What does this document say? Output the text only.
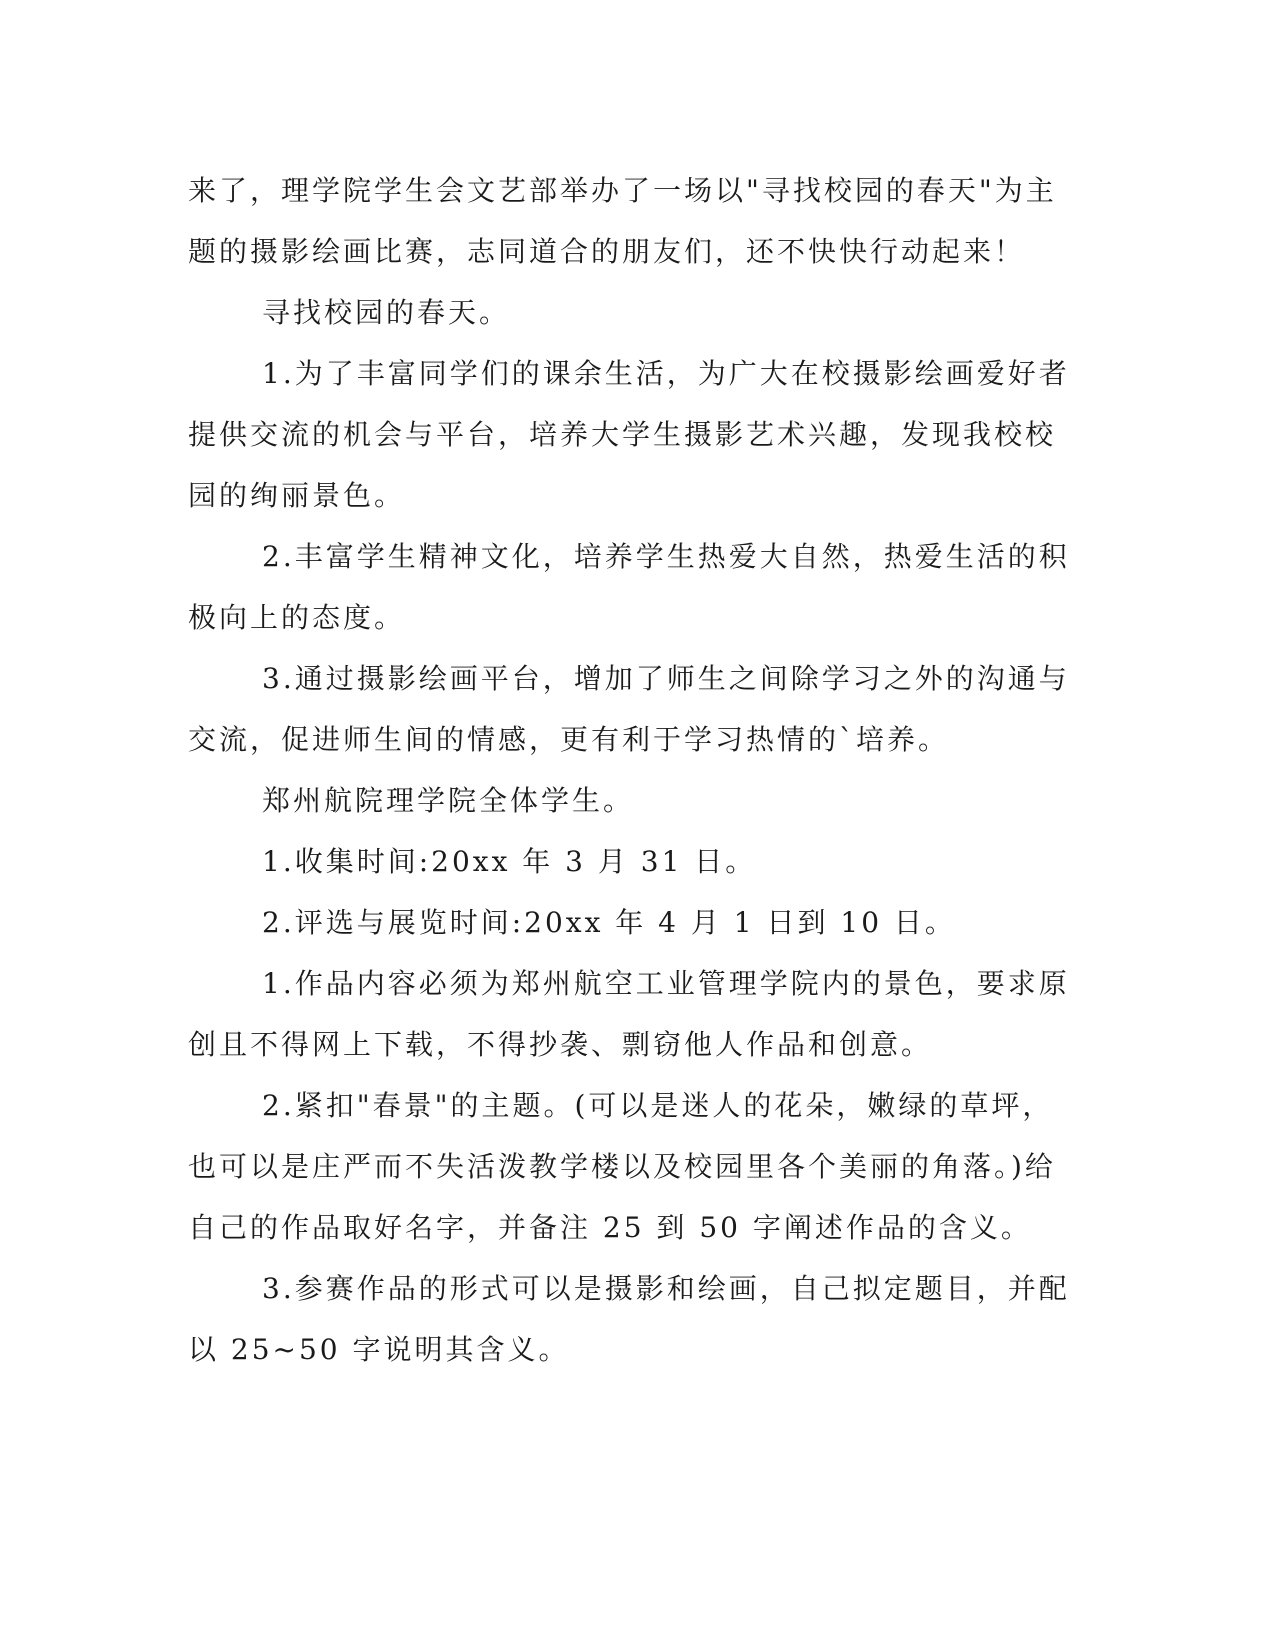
来了，理学院学生会文艺部举办了一场以"寻找校园的春天"为主题的摄影绘画比赛，志同道合的朋友们，还不快快行动起来！

寻找校园的春天。

1.为了丰富同学们的课余生活，为广大在校摄影绘画爱好者提供交流的机会与平台，培养大学生摄影艺术兴趣，发现我校校园的绚丽景色。

2.丰富学生精神文化，培养学生热爱大自然，热爱生活的积极向上的态度。

3.通过摄影绘画平台，增加了师生之间除学习之外的沟通与交流，促进师生间的情感，更有利于学习热情的`培养。

郑州航院理学院全体学生。

1.收集时间:20xx 年 3 月 31 日。

2.评选与展览时间:20xx 年 4 月 1 日到 10 日。

1.作品内容必须为郑州航空工业管理学院内的景色，要求原创且不得网上下载，不得抄袭、剽窃他人作品和创意。

2.紧扣"春景"的主题。(可以是迷人的花朵，嫩绿的草坪，也可以是庄严而不失活泼教学楼以及校园里各个美丽的角落。)给自己的作品取好名字，并备注 25 到 50 字阐述作品的含义。

3.参赛作品的形式可以是摄影和绘画，自己拟定题目，并配以 25~50 字说明其含义。
